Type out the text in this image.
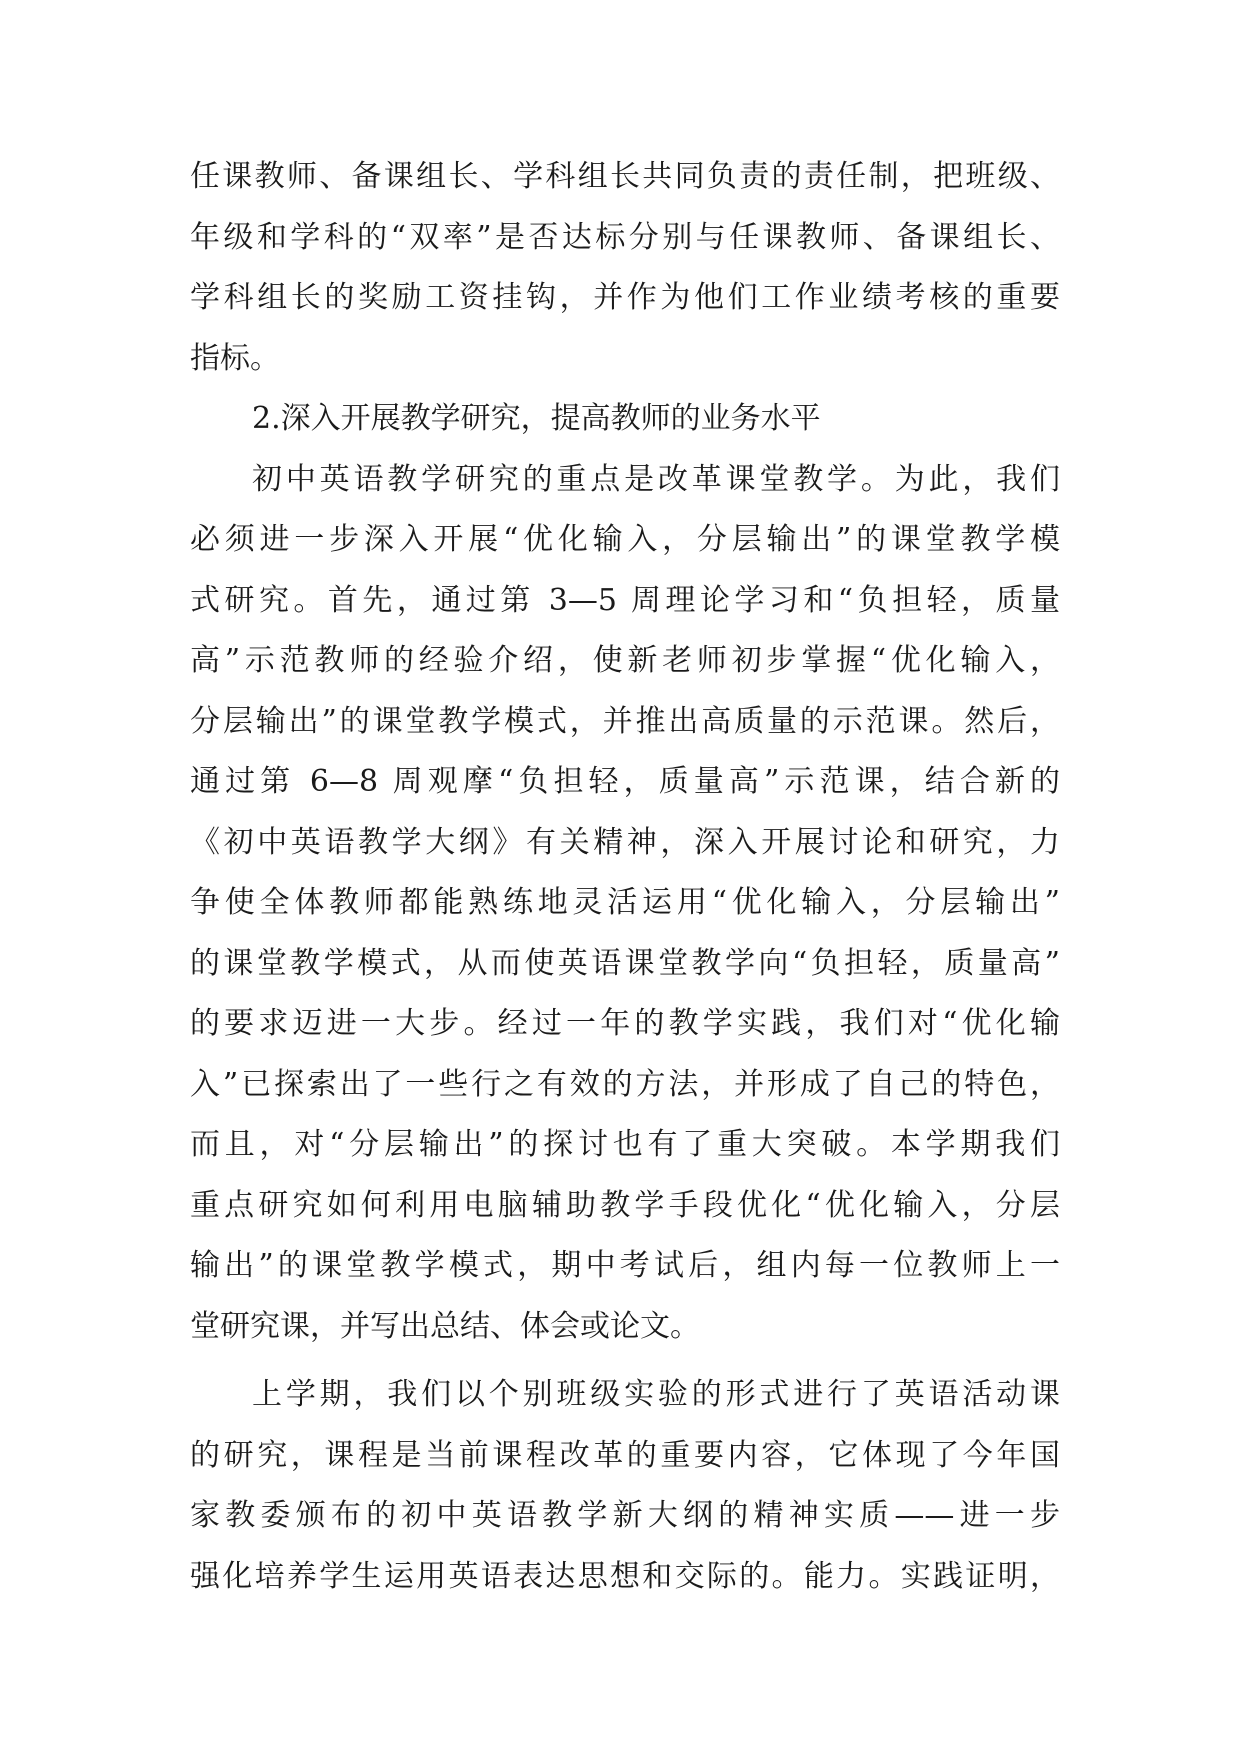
任课教师、备课组长、学科组长共同负责的责任制，把班级、
年级和学科的“双率”是否达标分别与任课教师、备课组长、
学科组长的奖励工资挂钩，并作为他们工作业绩考核的重要
指标。
2.深入开展教学研究，提高教师的业务水平
初中英语教学研究的重点是改革课堂教学。为此，我们
必须进一步深入开展“优化输入，分层输出”的课堂教学模
式研究。首先，通过第 3—5 周理论学习和“负担轻，质量
高”示范教师的经验介绍，使新老师初步掌握“优化输入，
分层输出”的课堂教学模式，并推出高质量的示范课。然后，
通过第 6—8 周观摩“负担轻，质量高”示范课，结合新的
《初中英语教学大纲》有关精神，深入开展讨论和研究，力
争使全体教师都能熟练地灵活运用“优化输入，分层输出”
的课堂教学模式，从而使英语课堂教学向“负担轻，质量高”
的要求迈进一大步。经过一年的教学实践，我们对“优化输
入”已探索出了一些行之有效的方法，并形成了自己的特色，
而且，对“分层输出”的探讨也有了重大突破。本学期我们
重点研究如何利用电脑辅助教学手段优化“优化输入，分层
输出”的课堂教学模式，期中考试后，组内每一位教师上一
堂研究课，并写出总结、体会或论文。
上学期，我们以个别班级实验的形式进行了英语活动课
的研究，课程是当前课程改革的重要内容，它体现了今年国
家教委颁布的初中英语教学新大纲的精神实质——进一步
强化培养学生运用英语表达思想和交际的。能力。实践证明，
